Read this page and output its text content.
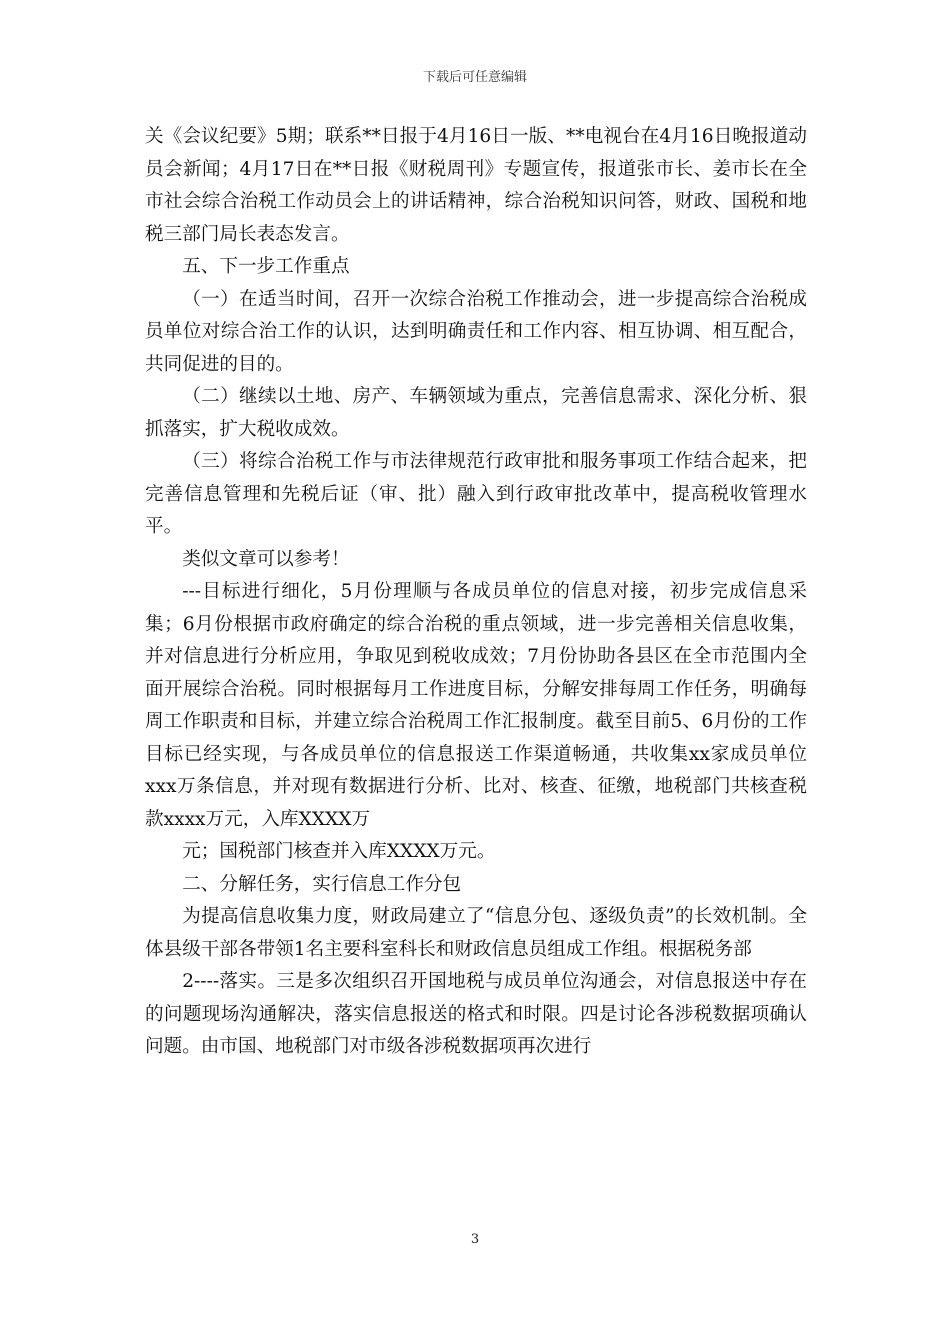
下载后可任意编辑

关《会议纪要》5期；联系**日报于4月16日一版、**电视台在4月16日晚报道动员会新闻；4月17日在**日报《财税周刊》专题宣传，报道张市长、姜市长在全市社会综合治税工作动员会上的讲话精神，综合治税知识问答，财政、国税和地税三部门局长表态发言。

五、下一步工作重点

（一）在适当时间，召开一次综合治税工作推动会，进一步提高综合治税成员单位对综合治工作的认识，达到明确责任和工作内容、相互协调、相互配合，共同促进的目的。

（二）继续以土地、房产、车辆领域为重点，完善信息需求、深化分析、狠抓落实，扩大税收成效。

（三）将综合治税工作与市法律规范行政审批和服务事项工作结合起来，把完善信息管理和先税后证（审、批）融入到行政审批改革中，提高税收管理水平。

类似文章可以参考！

---目标进行细化，5月份理顺与各成员单位的信息对接，初步完成信息采集；6月份根据市政府确定的综合治税的重点领域，进一步完善相关信息收集，并对信息进行分析应用，争取见到税收成效；7月份协助各县区在全市范围内全面开展综合治税。同时根据每月工作进度目标，分解安排每周工作任务，明确每周工作职责和目标，并建立综合治税周工作汇报制度。截至目前5、6月份的工作目标已经实现，与各成员单位的信息报送工作渠道畅通，共收集xx家成员单位xxx万条信息，并对现有数据进行分析、比对、核查、征缴，地税部门共核查税款xxxx万元，入库XXXX万

元；国税部门核查并入库XXXX万元。

二、分解任务，实行信息工作分包

为提高信息收集力度，财政局建立了“信息分包、逐级负责”的长效机制。全体县级干部各带领1名主要科室科长和财政信息员组成工作组。根据税务部

2----落实。三是多次组织召开国地税与成员单位沟通会，对信息报送中存在的问题现场沟通解决，落实信息报送的格式和时限。四是讨论各涉税数据项确认问题。由市国、地税部门对市级各涉税数据项再次进行

3
